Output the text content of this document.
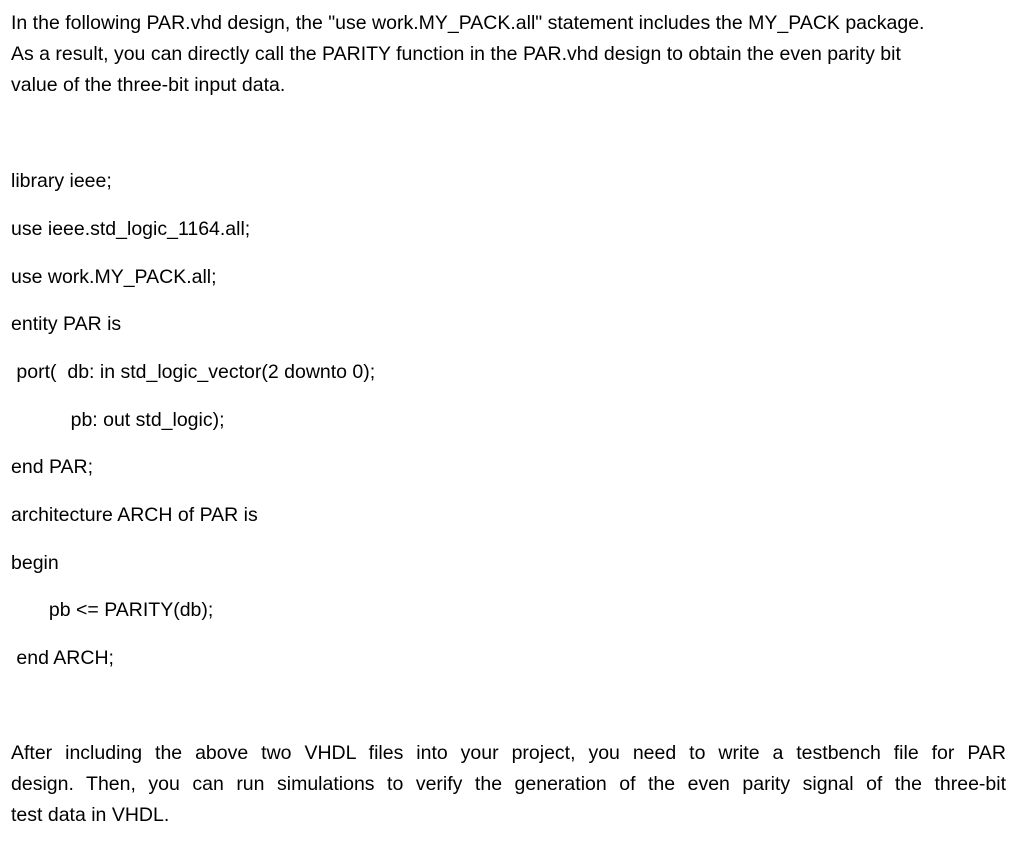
In the following PAR.vhd design, the "use work.MY_PACK.all" statement includes the MY_PACK package.
As a result, you can directly call the PARITY function in the PAR.vhd design to obtain the even parity bit
value of the three-bit input data.

library ieee;

use ieee.std_logic_1164.all;

use work.MY_PACK.all;

entity PAR is

port(  db: in std_logic_vector(2 downto 0);

pb: out std_logic);

end PAR;

architecture ARCH of PAR is

begin

pb <= PARITY(db);

end ARCH;

After including the above two VHDL files into your project, you need to write a testbench file for PAR
design. Then, you can run simulations to verify the generation of the even parity signal of the three-bit
test data in VHDL.
